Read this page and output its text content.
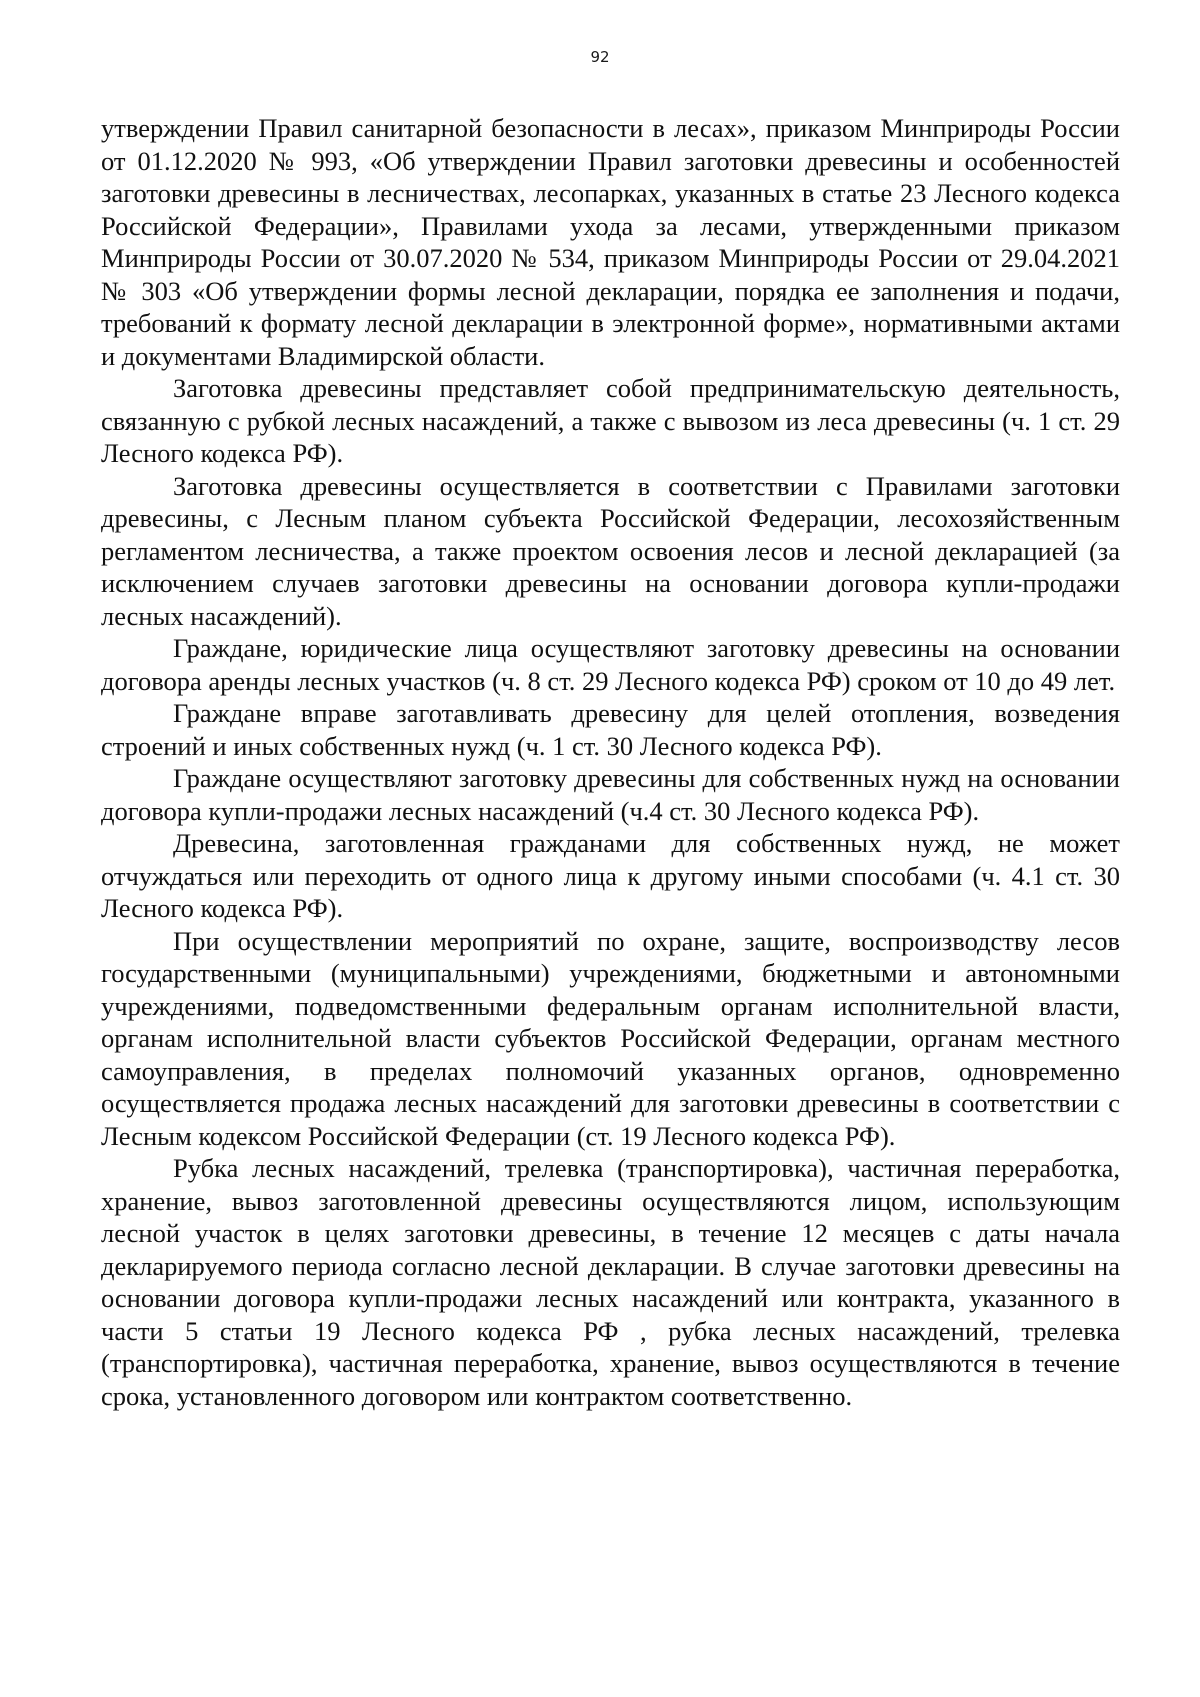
92

утверждении Правил санитарной безопасности в лесах», приказом Минприроды России от 01.12.2020 № 993, «Об утверждении Правил заготовки древесины и особенностей заготовки древесины в лесничествах, лесопарках, указанных в статье 23 Лесного кодекса Российской Федерации», Правилами ухода за лесами, утвержденными приказом Минприроды России от 30.07.2020 № 534, приказом Минприроды России от 29.04.2021 № 303 «Об утверждении формы лесной декларации, порядка ее заполнения и подачи, требований к формату лесной декларации в электронной форме», нормативными актами и документами Владимирской области.

Заготовка древесины представляет собой предпринимательскую деятельность, связанную с рубкой лесных насаждений, а также с вывозом из леса древесины (ч. 1 ст. 29 Лесного кодекса РФ).

Заготовка древесины осуществляется в соответствии с Правилами заготовки древесины, с Лесным планом субъекта Российской Федерации, лесохозяйственным регламентом лесничества, а также проектом освоения лесов и лесной декларацией (за исключением случаев заготовки древесины на основании договора купли-продажи лесных насаждений).

Граждане, юридические лица осуществляют заготовку древесины на основании договора аренды лесных участков (ч. 8 ст. 29 Лесного кодекса РФ) сроком от 10 до 49 лет.

Граждане вправе заготавливать древесину для целей отопления, возведения строений и иных собственных нужд (ч. 1 ст. 30 Лесного кодекса РФ).

Граждане осуществляют заготовку древесины для собственных нужд на основании договора купли-продажи лесных насаждений (ч.4 ст. 30 Лесного кодекса РФ).

Древесина, заготовленная гражданами для собственных нужд, не может отчуждаться или переходить от одного лица к другому иными способами (ч. 4.1 ст. 30 Лесного кодекса РФ).

При осуществлении мероприятий по охране, защите, воспроизводству лесов государственными (муниципальными) учреждениями, бюджетными и автономными учреждениями, подведомственными федеральным органам исполнительной власти, органам исполнительной власти субъектов Российской Федерации, органам местного самоуправления, в пределах полномочий указанных органов, одновременно осуществляется продажа лесных насаждений для заготовки древесины в соответствии с Лесным кодексом Российской Федерации (ст. 19 Лесного кодекса РФ).

Рубка лесных насаждений, трелевка (транспортировка), частичная переработка, хранение, вывоз заготовленной древесины осуществляются лицом, использующим лесной участок в целях заготовки древесины, в течение 12 месяцев с даты начала декларируемого периода согласно лесной декларации. В случае заготовки древесины на основании договора купли-продажи лесных насаждений или контракта, указанного в части 5 статьи 19 Лесного кодекса РФ , рубка лесных насаждений, трелевка (транспортировка), частичная переработка, хранение, вывоз осуществляются в течение срока, установленного договором или контрактом соответственно.
